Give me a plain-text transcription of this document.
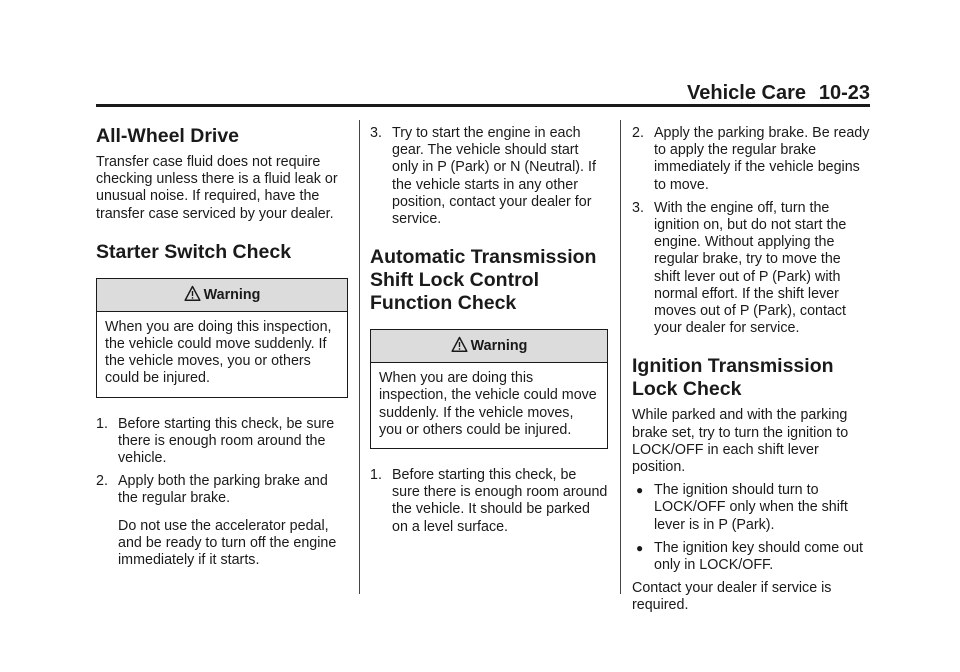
Vehicle Care 10-23
All-Wheel Drive

Transfer case fluid does not require checking unless there is a fluid leak or unusual noise. If required, have the transfer case serviced by your dealer.

Starter Switch Check
Warning
When you are doing this inspection, the vehicle could move suddenly. If the vehicle moves, you or others could be injured.
1. Before starting this check, be sure there is enough room around the vehicle.
2. Apply both the parking brake and the regular brake.
Do not use the accelerator pedal, and be ready to turn off the engine immediately if it starts.
3. Try to start the engine in each gear. The vehicle should start only in P (Park) or N (Neutral). If the vehicle starts in any other position, contact your dealer for service.
Automatic Transmission Shift Lock Control Function Check
Warning
When you are doing this inspection, the vehicle could move suddenly. If the vehicle moves, you or others could be injured.
1. Before starting this check, be sure there is enough room around the vehicle. It should be parked on a level surface.
2. Apply the parking brake. Be ready to apply the regular brake immediately if the vehicle begins to move.
3. With the engine off, turn the ignition on, but do not start the engine. Without applying the regular brake, try to move the shift lever out of P (Park) with normal effort. If the shift lever moves out of P (Park), contact your dealer for service.
Ignition Transmission Lock Check

While parked and with the parking brake set, try to turn the ignition to LOCK/OFF in each shift lever position.

● The ignition should turn to LOCK/OFF only when the shift lever is in P (Park).
● The ignition key should come out only in LOCK/OFF.

Contact your dealer if service is required.
